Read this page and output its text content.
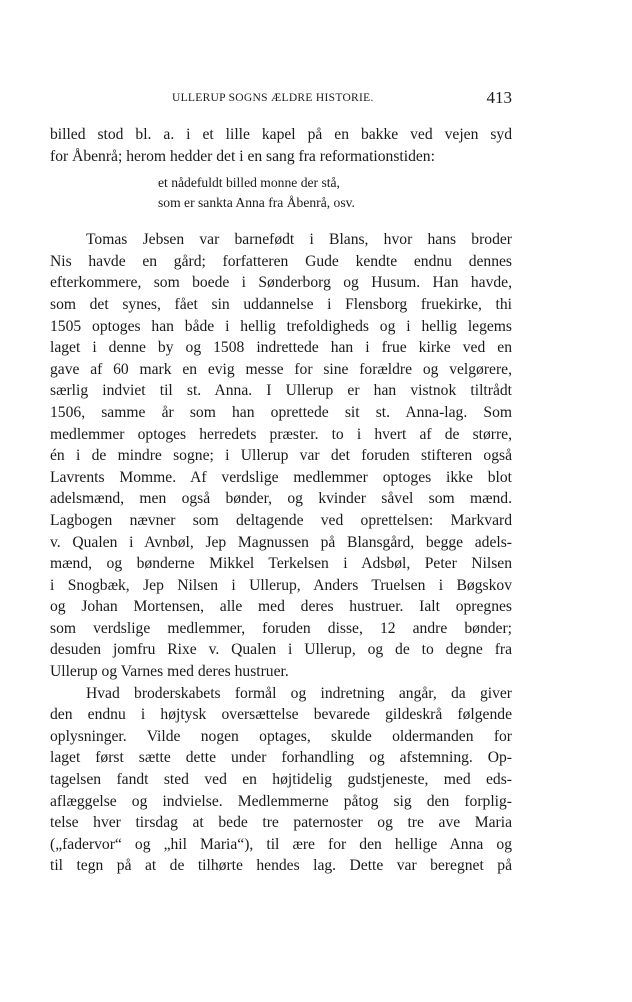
ULLERUP SOGNS ÆLDRE HISTORIE.	413
billed stod bl. a. i et lille kapel på en bakke ved vejen syd
for Åbenrå; herom hedder det i en sang fra reformationstiden:
et nådefuldt billed monne der stå,
som er sankta Anna fra Åbenrå, osv.
Tomas Jebsen var barnefødt i Blans, hvor hans broder
Nis havde en gård; forfatteren Gude kendte endnu dennes
efterkommere, som boede i Sønderborg og Husum. Han havde,
som det synes, fået sin uddannelse i Flensborg fruekirke, thi
1505 optoges han både i hellig trefoldigheds og i hellig legems
laget i denne by og 1508 indrettede han i frue kirke ved en
gave af 60 mark en evig messe for sine forældre og velgørere,
særlig indviet til st. Anna. I Ullerup er han vistnok tiltrådt
1506, samme år som han oprettede sit st. Anna-lag. Som
medlemmer optoges herredets præster. to i hvert af de større,
én i de mindre sogne; i Ullerup var det foruden stifteren også
Lavrents Momme. Af verdslige medlemmer optoges ikke blot
adelsmænd, men også bønder, og kvinder såvel som mænd.
Lagbogen nævner som deltagende ved oprettelsen: Markvard
v. Qualen i Avnbøl, Jep Magnussen på Blansgård, begge adels-
mænd, og bønderne Mikkel Terkelsen i Adsbøl, Peter Nilsen
i Snogbæk, Jep Nilsen i Ullerup, Anders Truelsen i Bøgskov
og Johan Mortensen, alle med deres hustruer. Ialt opregnes
som verdslige medlemmer, foruden disse, 12 andre bønder;
desuden jomfru Rixe v. Qualen i Ullerup, og de to degne fra
Ullerup og Varnes med deres hustruer.
Hvad broderskabets formål og indretning angår, da giver
den endnu i højtysk oversættelse bevarede gildeskrå følgende
oplysninger. Vilde nogen optages, skulde oldermanden for
laget først sætte dette under forhandling og afstemning. Op-
tagelsen fandt sted ved en højtidelig gudstjeneste, med eds-
aflæggelse og indvielse. Medlemmerne påtog sig den forplig-
telse hver tirsdag at bede tre paternoster og tre ave Maria
(„fadervor“ og „hil Maria“), til ære for den hellige Anna og
til tegn på at de tilhørte hendes lag. Dette var beregnet på
